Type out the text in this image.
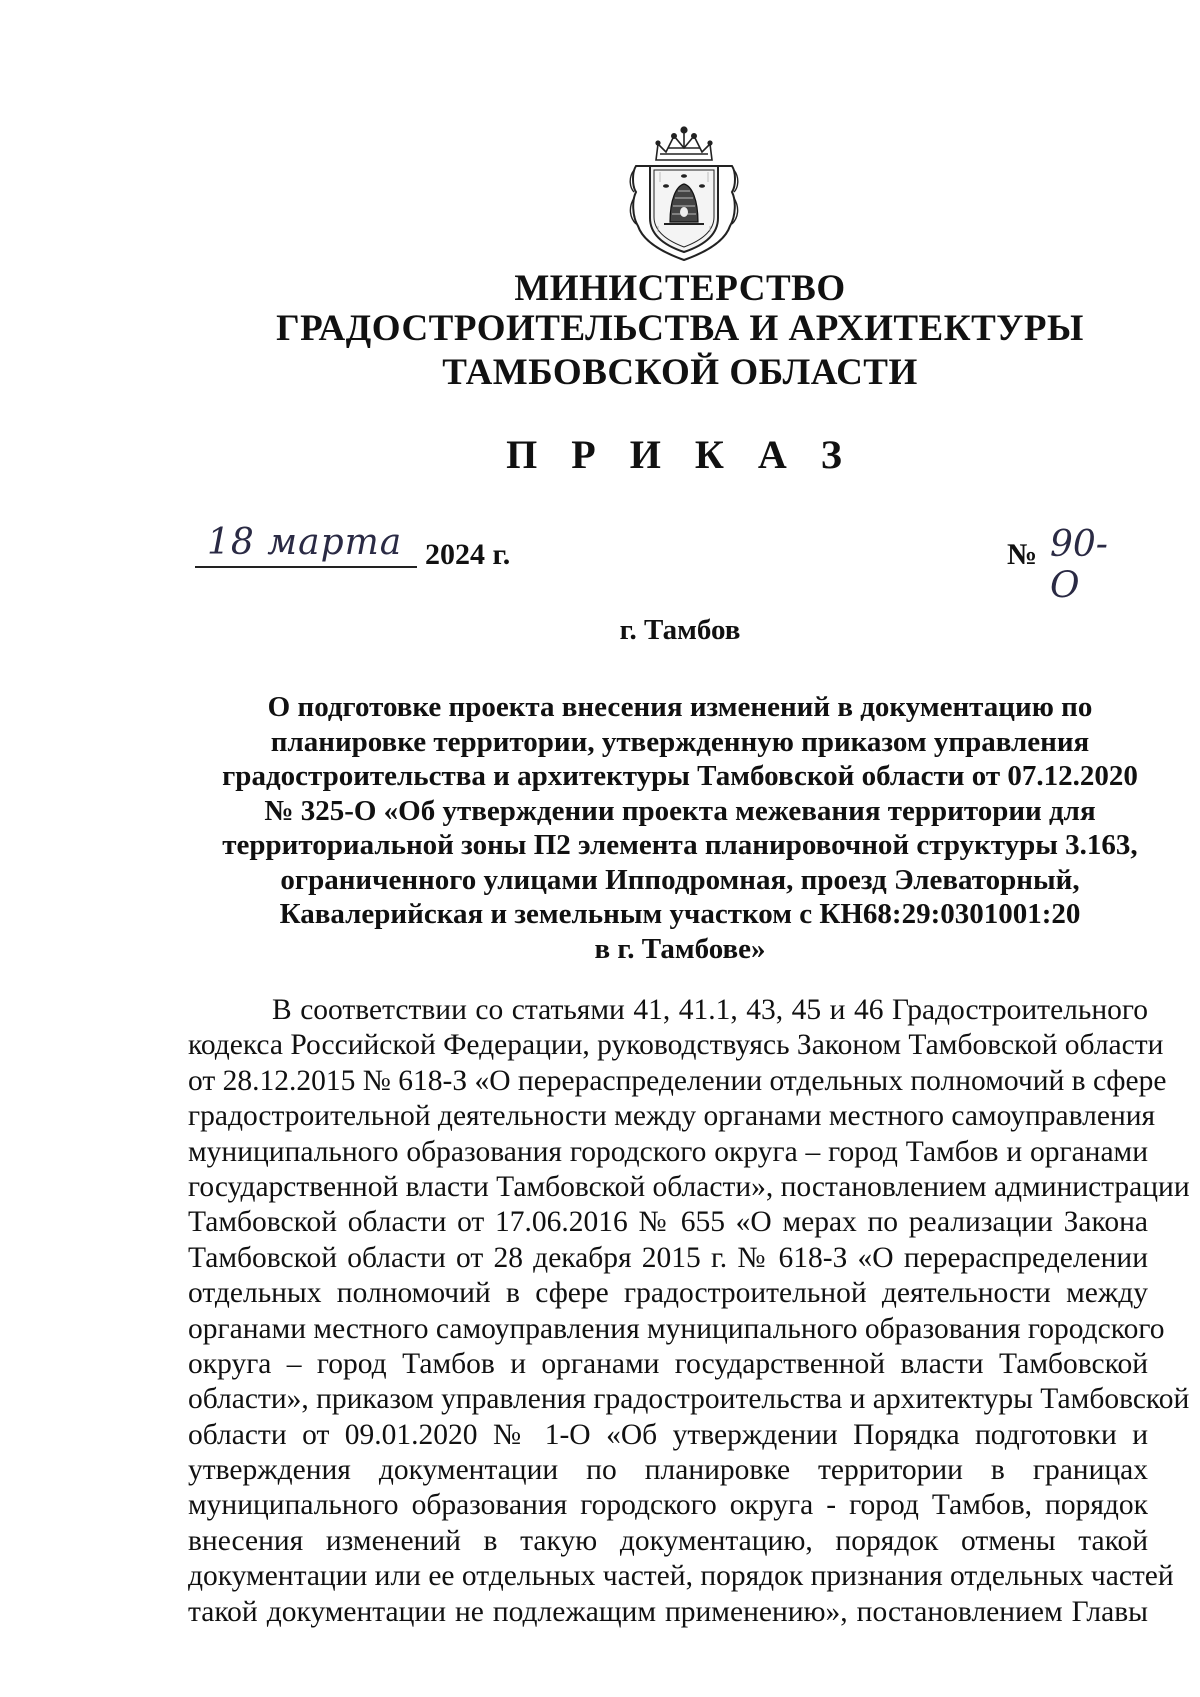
МИНИСТЕРСТВО
ГРАДОСТРОИТЕЛЬСТВА И АРХИТЕКТУРЫ
ТАМБОВСКОЙ ОБЛАСТИ
П Р И К А З
18 марта 2024 г.	№ 90-О
г. Тамбов
О подготовке проекта внесения изменений в документацию по
планировке территории, утвержденную приказом управления
градостроительства и архитектуры Тамбовской области от 07.12.2020
№ 325-О «Об утверждении проекта межевания территории для
территориальной зоны П2 элемента планировочной структуры 3.163,
ограниченного улицами Ипподромная, проезд Элеваторный,
Кавалерийская и земельным участком с КН68:29:0301001:20
в г. Тамбове»
В соответствии со статьями 41, 41.1, 43, 45 и 46 Градостроительного
кодекса Российской Федерации, руководствуясь Законом Тамбовской области
от 28.12.2015 № 618-З «О перераспределении отдельных полномочий в сфере
градостроительной деятельности между органами местного самоуправления
муниципального образования городского округа – город Тамбов и органами
государственной власти Тамбовской области», постановлением администрации
Тамбовской области от 17.06.2016 № 655 «О мерах по реализации Закона
Тамбовской области от 28 декабря 2015 г. № 618-З «О перераспределении
отдельных полномочий в сфере градостроительной деятельности между
органами местного самоуправления муниципального образования городского
округа – город Тамбов и органами государственной власти Тамбовской
области», приказом управления градостроительства и архитектуры Тамбовской
области от 09.01.2020 № 1-О «Об утверждении Порядка подготовки и
утверждения документации по планировке территории в границах
муниципального образования городского округа - город Тамбов, порядок
внесения изменений в такую документацию, порядок отмены такой
документации или ее отдельных частей, порядок признания отдельных частей
такой документации не подлежащим применению», постановлением Главы
